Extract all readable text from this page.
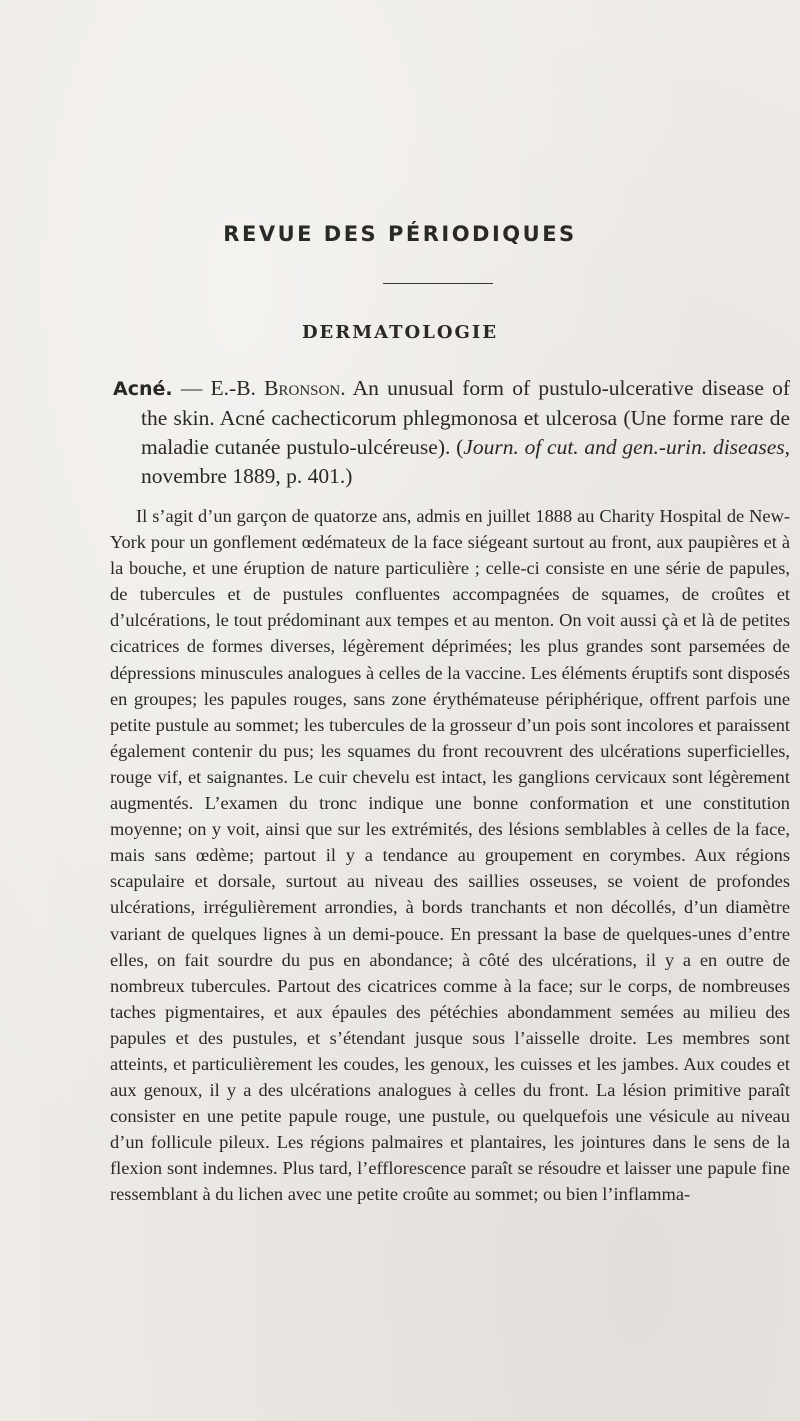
REVUE DES PÉRIODIQUES
DERMATOLOGIE

Acné. — E.-B. Bronson. An unusual form of pustulo-ulcerative disease of the skin. Acné cachecticorum phlegmonosa et ulcerosa (Une forme rare de maladie cutanée pustulo-ulcéreuse). (Journ. of cut. and gen.-urin. diseases, novembre 1889, p. 401.)

Il s’agit d’un garçon de quatorze ans, admis en juillet 1888 au Charity Hospital de New-York pour un gonflement œdémateux de la face siégeant surtout au front, aux paupières et à la bouche, et une éruption de nature particulière ; celle-ci consiste en une série de papules, de tubercules et de pustules confluentes accompagnées de squames, de croûtes et d’ulcérations, le tout prédominant aux tempes et au menton. On voit aussi çà et là de petites cicatrices de formes diverses, légèrement déprimées; les plus grandes sont parsemées de dépressions minuscules analogues à celles de la vaccine. Les éléments éruptifs sont disposés en groupes; les papules rouges, sans zone érythémateuse périphérique, offrent parfois une petite pustule au sommet; les tubercules de la grosseur d’un pois sont incolores et paraissent également contenir du pus; les squames du front recouvrent des ulcérations superficielles, rouge vif, et saignantes. Le cuir chevelu est intact, les ganglions cervicaux sont légèrement augmentés. L’examen du tronc indique une bonne conformation et une constitution moyenne; on y voit, ainsi que sur les extrémités, des lésions semblables à celles de la face, mais sans œdème; partout il y a tendance au groupement en corymbes. Aux régions scapulaire et dorsale, surtout au niveau des saillies osseuses, se voient de profondes ulcérations, irrégulièrement arrondies, à bords tranchants et non décollés, d’un diamètre variant de quelques lignes à un demi-pouce. En pressant la base de quelques-unes d’entre elles, on fait sourdre du pus en abondance; à côté des ulcérations, il y a en outre de nombreux tubercules. Partout des cicatrices comme à la face; sur le corps, de nombreuses taches pigmentaires, et aux épaules des pétéchies abondamment semées au milieu des papules et des pustules, et s’étendant jusque sous l’aisselle droite. Les membres sont atteints, et particulièrement les coudes, les genoux, les cuisses et les jambes. Aux coudes et aux genoux, il y a des ulcérations analogues à celles du front. La lésion primitive paraît consister en une petite papule rouge, une pustule, ou quelquefois une vésicule au niveau d’un follicule pileux. Les régions palmaires et plantaires, les jointures dans le sens de la flexion sont indemnes. Plus tard, l’efflorescence paraît se résoudre et laisser une papule fine ressemblant à du lichen avec une petite croûte au sommet; ou bien l’inflamma-
